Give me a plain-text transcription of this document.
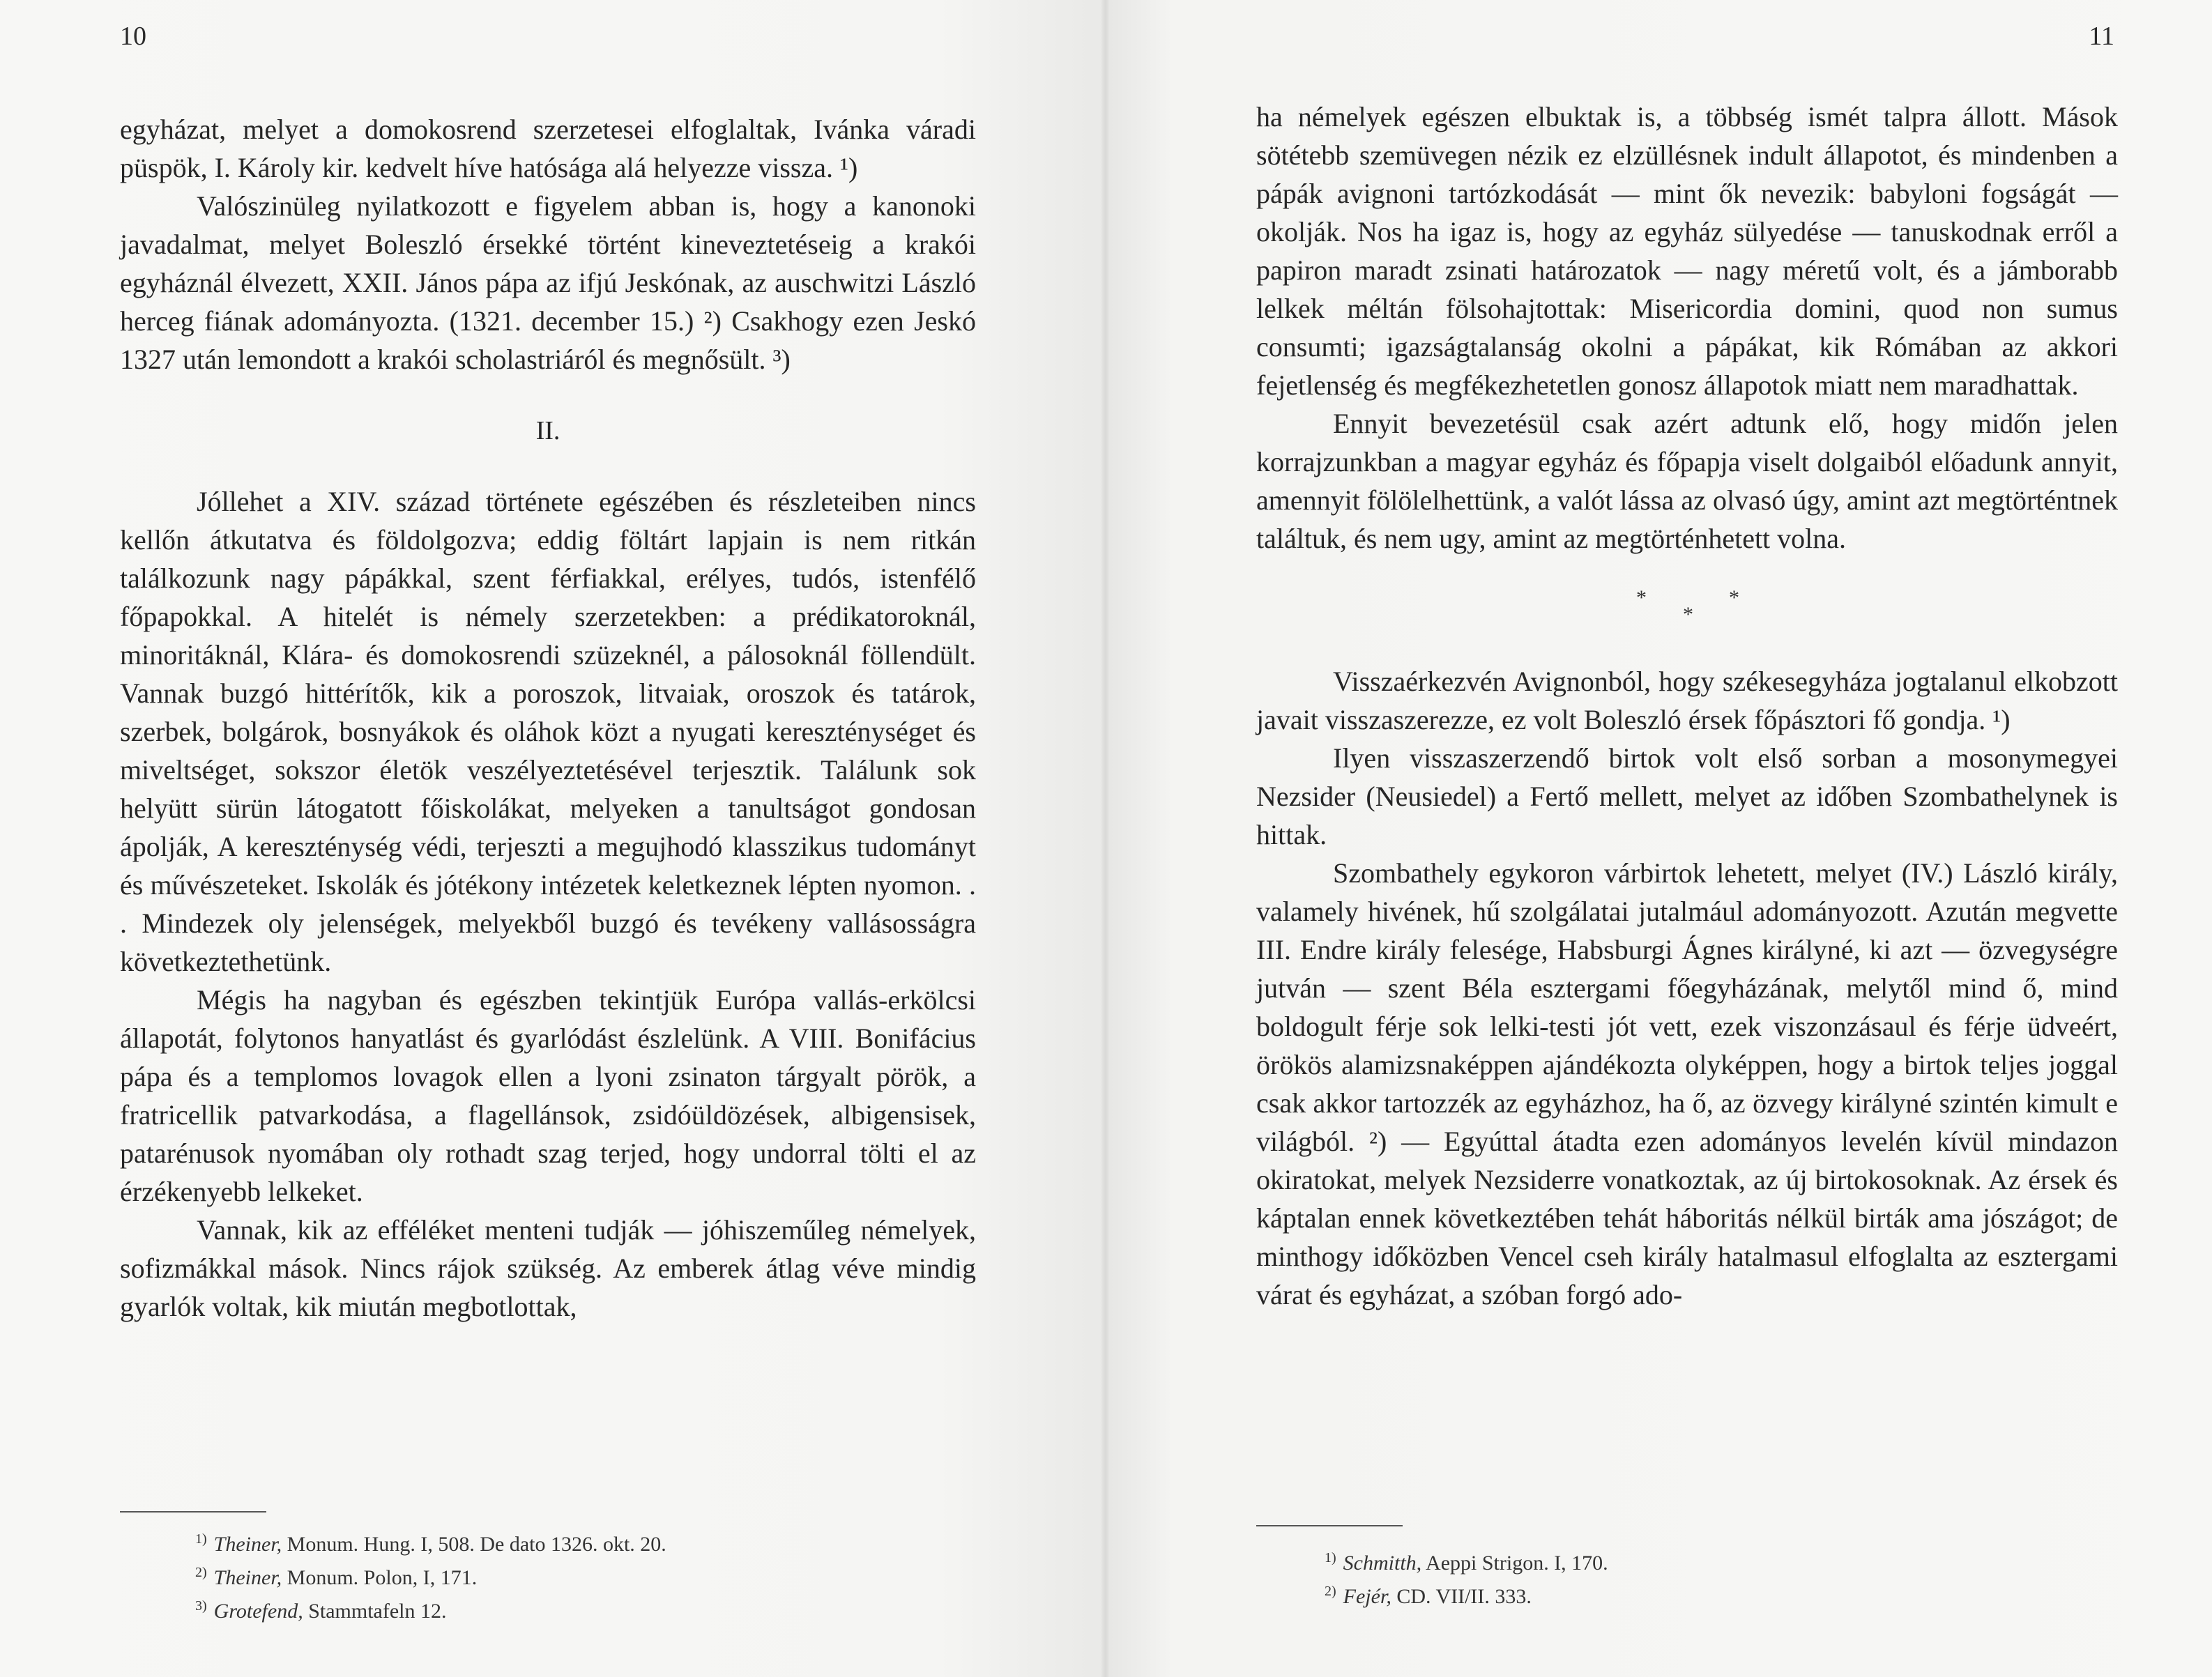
10

egyházat, melyet a domokosrend szerzetesei elfoglaltak, Ivánka váradi püspök, I. Károly kir. kedvelt híve hatósága alá helyezze vissza. ¹)

Valószinüleg nyilatkozott e figyelem abban is, hogy a kanonoki javadalmat, melyet Boleszló érsekké történt kineveztetéseig a krakói egyháznál élvezett, XXII. János pápa az ifjú Jeskónak, az auschwitzi László herceg fiának adományozta. (1321. december 15.) ²) Csakhogy ezen Jeskó 1327 után lemondott a krakói scholastriáról és megnősült. ³)

II.

Jóllehet a XIV. század története egészében és részleteiben nincs kellőn átkutatva és földolgozva; eddig föltárt lapjain is nem ritkán találkozunk nagy pápákkal, szent férfiakkal, erélyes, tudós, istenfélő főpapokkal. A hitelét is némely szerzetekben: a prédikatoroknál, minoritáknál, Klára- és domokosrendi szüzeknél, a pálosoknál föllendült. Vannak buzgó hittérítők, kik a poroszok, litvaiak, oroszok és tatárok, szerbek, bolgárok, bosnyákok és oláhok közt a nyugati kereszténységet és miveltséget, sokszor életök veszélyeztetésével terjesztik. Találunk sok helyütt sürün látogatott főiskolákat, melyeken a tanultságot gondosan ápolják, A kereszténység védi, terjeszti a megujhodó klasszikus tudományt és művészeteket. Iskolák és jótékony intézetek keletkeznek lépten nyomon. . . Mindezek oly jelenségek, melyekből buzgó és tevékeny vallásosságra következtethetünk.

Mégis ha nagyban és egészben tekintjük Európa vallás-erkölcsi állapotát, folytonos hanyatlást és gyarlódást észlelünk. A VIII. Bonifácius pápa és a templomos lovagok ellen a lyoni zsinaton tárgyalt pörök, a fratricellik patvarkodása, a flagellánsok, zsidóüldözések, albigensisek, patarénusok nyomában oly rothadt szag terjed, hogy undorral tölti el az érzékenyebb lelkeket.

Vannak, kik az efféléket menteni tudják — jóhiszeműleg némelyek, sofizmákkal mások. Nincs rájok szükség. Az emberek átlag véve mindig gyarlók voltak, kik miután megbotlottak,

$^{1)}$ Theiner, Monum. Hung. I, 508. De dato 1326. okt. 20.

$^{2)}$ Theiner, Monum. Polon, I, 171.

$^{3)}$ Grotefend, Stammtafeln 12.

11

ha némelyek egészen elbuktak is, a többség ismét talpra állott. Mások sötétebb szemüvegen nézik ez elzüllésnek indult állapotot, és mindenben a pápák avignoni tartózkodását — mint ők nevezik: babyloni fogságát — okolják. Nos ha igaz is, hogy az egyház sülyedése — tanuskodnak erről a papiron maradt zsinati határozatok — nagy méretű volt, és a jámborabb lelkek méltán fölsohajtottak: Misericordia domini, quod non sumus consumti; igazságtalanság okolni a pápákat, kik Rómában az akkori fejetlenség és megfékezhetetlen gonosz állapotok miatt nem maradhattak.

Ennyit bevezetésül csak azért adtunk elő, hogy midőn jelen korrajzunkban a magyar egyház és főpapja viselt dolgaiból előadunk annyit, amennyit fölölelhettünk, a valót lássa az olvasó úgy, amint azt megtörténtnek találtuk, és nem ugy, amint az megtörténhetett volna.

*
*
*

Visszaérkezvén Avignonból, hogy székesegyháza jogtalanul elkobzott javait visszaszerezze, ez volt Boleszló érsek főpásztori fő gondja. ¹)

Ilyen visszaszerzendő birtok volt első sorban a mosonymegyei Nezsider (Neusiedel) a Fertő mellett, melyet az időben Szombathelynek is hittak.

Szombathely egykoron várbirtok lehetett, melyet (IV.) László király, valamely hivének, hű szolgálatai jutalmául adományozott. Azután megvette III. Endre király felesége, Habsburgi Ágnes királyné, ki azt — özvegységre jutván — szent Béla esztergami főegyházának, melytől mind ő, mind boldogult férje sok lelki-testi jót vett, ezek viszonzásaul és férje üdveért, örökös alamizsnaképpen ajándékozta olyképpen, hogy a birtok teljes joggal csak akkor tartozzék az egyházhoz, ha ő, az özvegy királyné szintén kimult e világból. ²) — Egyúttal átadta ezen adományos levelén kívül mindazon okiratokat, melyek Nezsiderre vonatkoztak, az új birtokosoknak. Az érsek és káptalan ennek következtében tehát háboritás nélkül birták ama jószágot; de minthogy időközben Vencel cseh király hatalmasul elfoglalta az esztergami várat és egyházat, a szóban forgó ado-

$^{1)}$ Schmitth, Aeppi Strigon. I, 170.

$^{2)}$ Fejér, CD. VII/II. 333.
